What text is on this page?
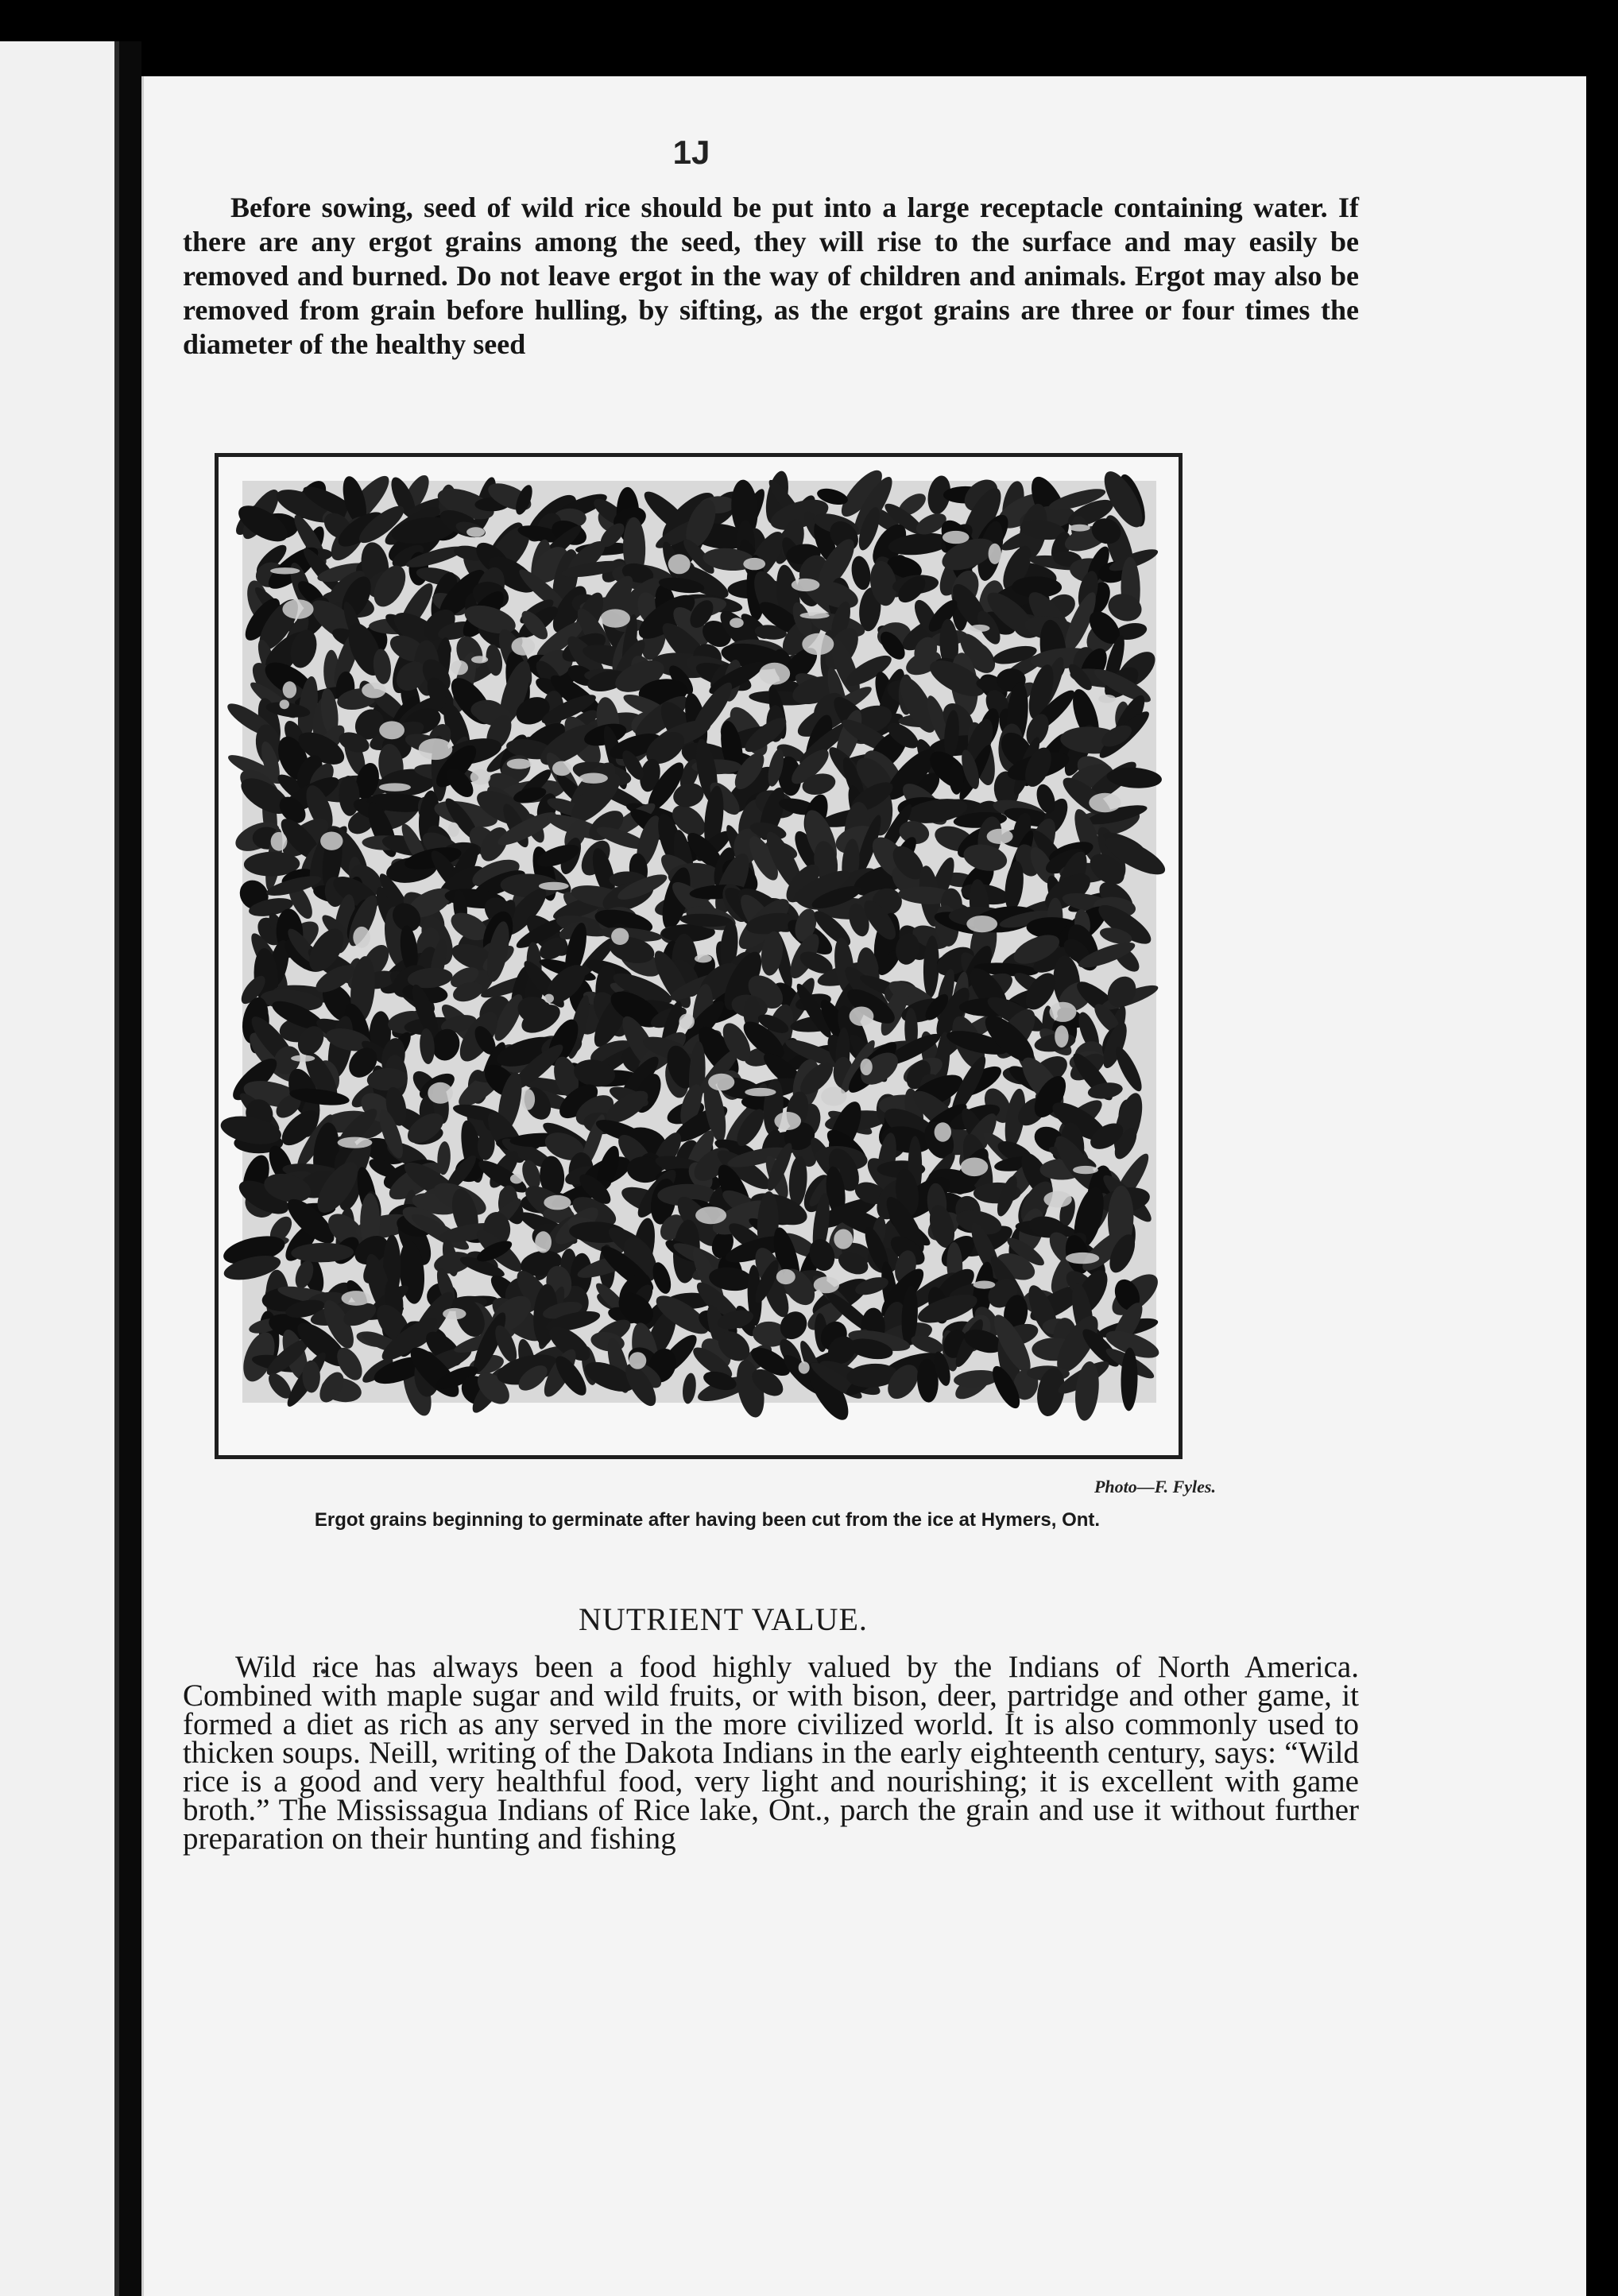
1J

Before sowing, seed of wild rice should be put into a large receptacle containing water. If there are any ergot grains among the seed, they will rise to the surface and may easily be removed and burned. Do not leave ergot in the way of children and animals. Ergot may also be removed from grain before hulling, by sifting, as the ergot grains are three or four times the diameter of the healthy seed

Photo—F. Fyles.

Ergot grains beginning to germinate after having been cut from the ice at Hymers, Ont.

NUTRIENT VALUE.

Wild rice has always been a food highly valued by the Indians of North America. Combined with maple sugar and wild fruits, or with bison, deer, partridge and other game, it formed a diet as rich as any served in the more civilized world. It is also commonly used to thicken soups. Neill, writing of the Dakota Indians in the early eighteenth century, says: “Wild rice is a good and very healthful food, very light and nourishing; it is excellent with game broth.” The Mississagua Indians of Rice lake, Ont., parch the grain and use it without further preparation on their hunting and fishing
